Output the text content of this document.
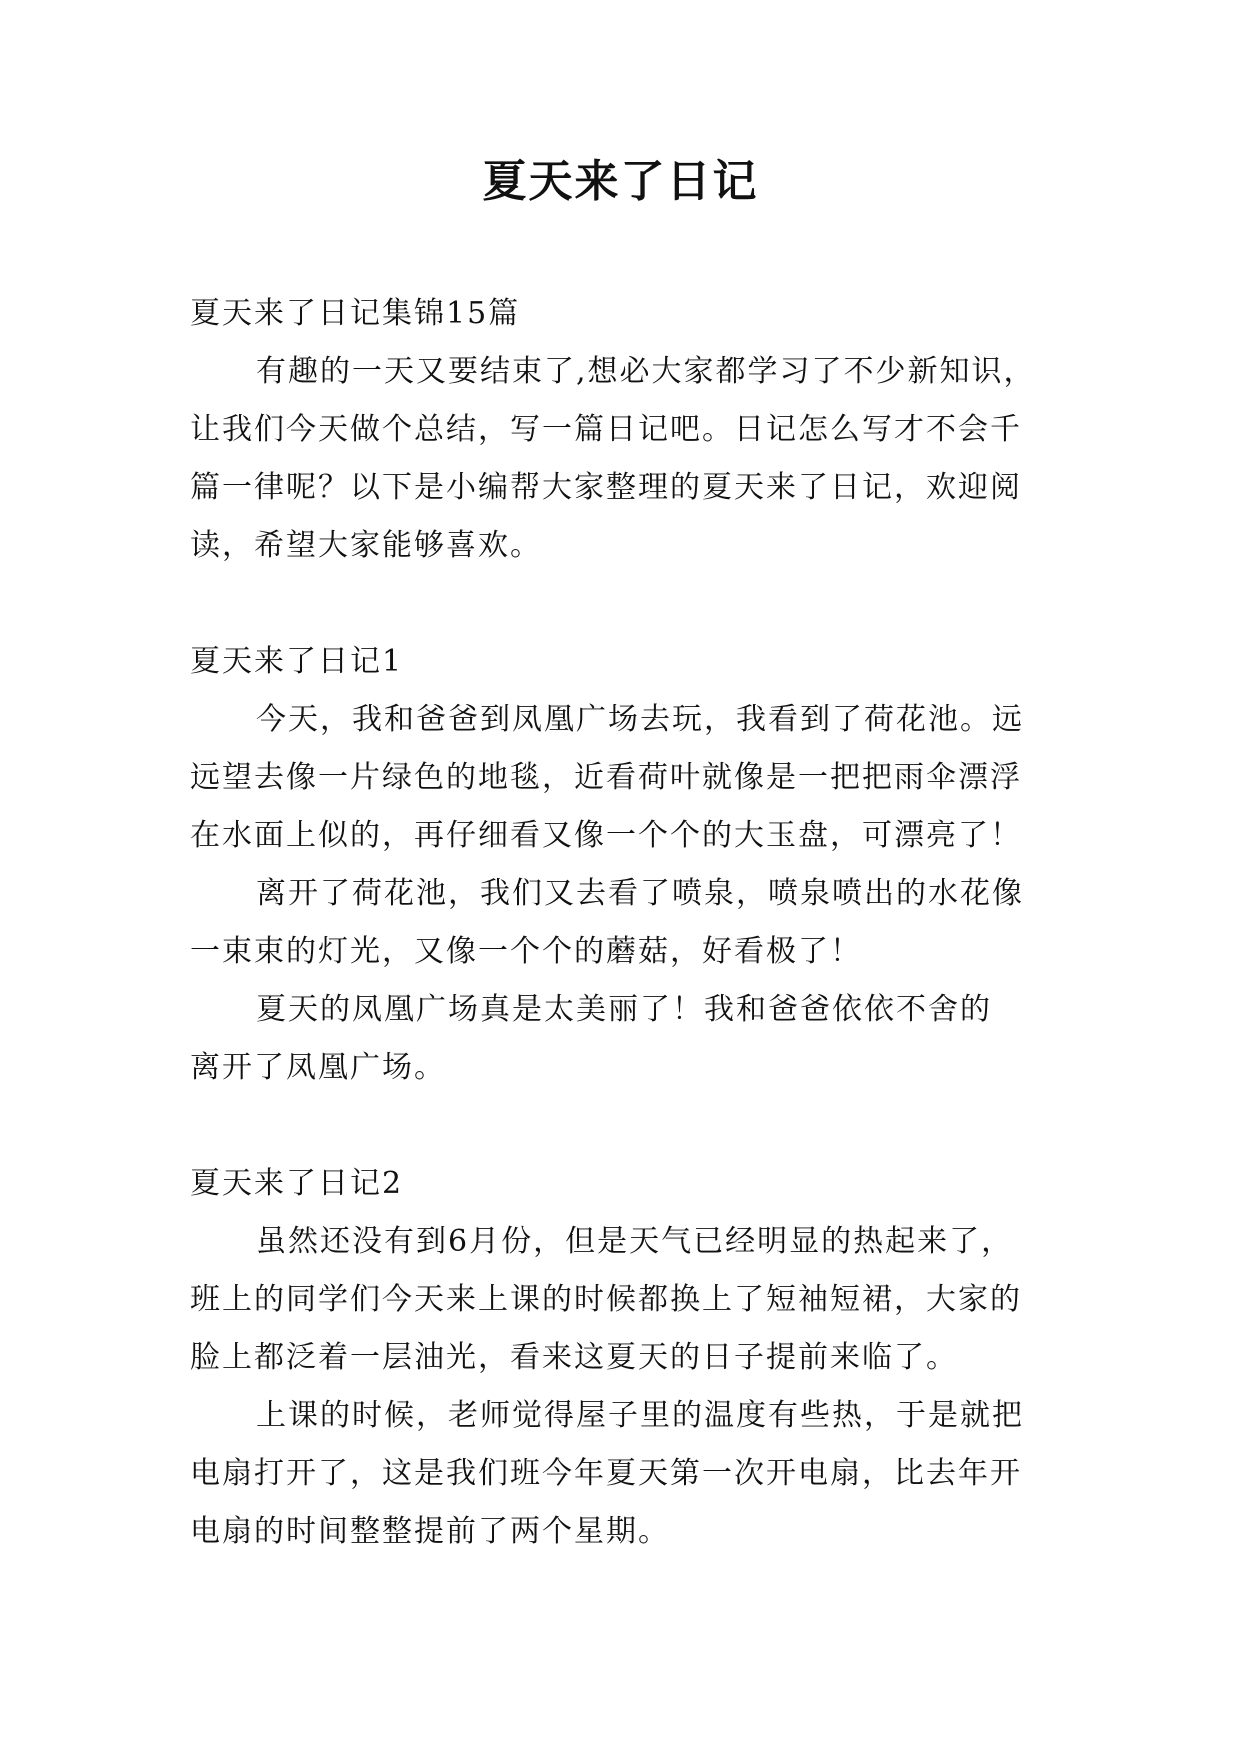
夏天来了日记
夏天来了日记集锦15篇
有趣的一天又要结束了,想必大家都学习了不少新知识，
让我们今天做个总结，写一篇日记吧。日记怎么写才不会千
篇一律呢？以下是小编帮大家整理的夏天来了日记，欢迎阅
读，希望大家能够喜欢。
夏天来了日记1
今天，我和爸爸到凤凰广场去玩，我看到了荷花池。远
远望去像一片绿色的地毯，近看荷叶就像是一把把雨伞漂浮
在水面上似的，再仔细看又像一个个的大玉盘，可漂亮了！
离开了荷花池，我们又去看了喷泉，喷泉喷出的水花像
一束束的灯光，又像一个个的蘑菇，好看极了！
夏天的凤凰广场真是太美丽了！我和爸爸依依不舍的
离开了凤凰广场。
夏天来了日记2
虽然还没有到6月份，但是天气已经明显的热起来了，
班上的同学们今天来上课的时候都换上了短袖短裙，大家的
脸上都泛着一层油光，看来这夏天的日子提前来临了。
上课的时候，老师觉得屋子里的温度有些热，于是就把
电扇打开了，这是我们班今年夏天第一次开电扇，比去年开
电扇的时间整整提前了两个星期。
